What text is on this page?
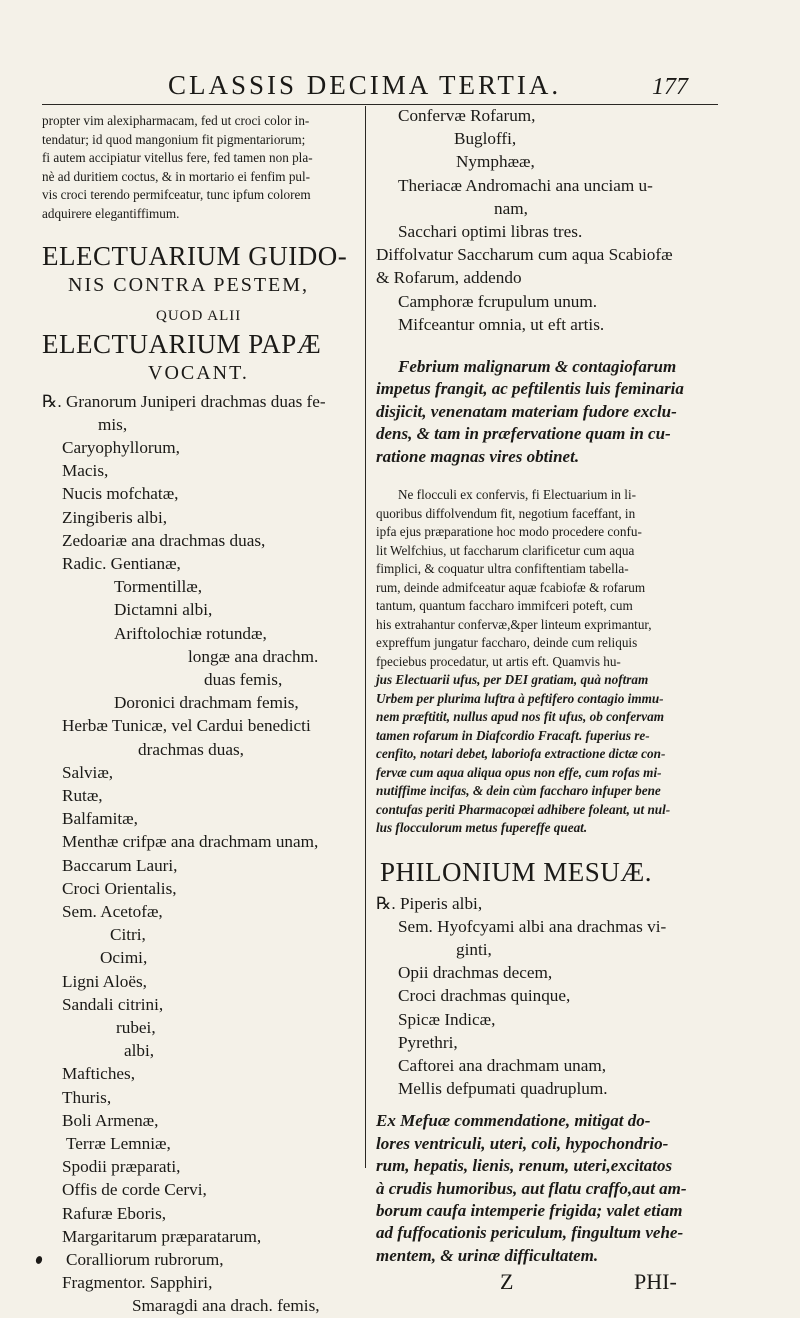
CLASSIS DECIMA TERTIA.	177
propter vim alexipharmacam, fed ut croci color in-
tendatur; id quod mangonium fit pigmentariorum;
fi autem accipiatur vitellus fere, fed tamen non pla-
nè ad duritiem coctus, & in mortario ei fenfim pul-
vis croci terendo permifceatur, tunc ipfum colorem
adquirere elegantiffimum.
ELECTUARIUM GUIDO-
NIS CONTRA PESTEM,
QUOD ALII
ELECTUARIUM PAPÆ
VOCANT.
℞. Granorum Juniperi drachmas duas fe-
mis,
Caryophyllorum,
Macis,
Nucis mofchatæ,
Zingiberis albi,
Zedoariæ ana drachmas duas,
Radic. Gentianæ,
Tormentillæ,
Dictamni albi,
Ariftolochiæ rotundæ,
longæ ana drachm.
duas femis,
Doronici drachmam femis,
Herbæ Tunicæ, vel Cardui benedicti
drachmas duas,
Salviæ,
Rutæ,
Balfamitæ,
Menthæ crifpæ ana drachmam unam,
Baccarum Lauri,
Croci Orientalis,
Sem. Acetofæ,
Citri,
Ocimi,
Ligni Aloës,
Sandali citrini,
rubei,
albi,
Maftiches,
Thuris,
Boli Armenæ,
Terræ Lemniæ,
Spodii præparati,
Offis de corde Cervi,
Rafuræ Eboris,
Margaritarum præparatarum,
Coralliorum rubrorum,
Fragmentor. Sapphiri,
Smaragdi ana drach. femis,
Confervæ Rofarum,
Bugloffi,
Nymphææ,
Theriacæ Andromachi ana unciam u-
nam,
Sacchari optimi libras tres.
Diffolvatur Saccharum cum aqua Scabiofæ
& Rofarum, addendo
Camphoræ fcrupulum unum.
Mifceantur omnia, ut eft artis.
Febrium malignarum & contagiofarum
impetus frangit, ac peftilentis luis feminaria
disjicit, venenatam materiam fudore exclu-
dens, & tam in præfervatione quam in cu-
ratione magnas vires obtinet.
Ne flocculi ex confervis, fi Electuarium in li-
quoribus diffolvendum fit, negotium faceffant, in
ipfa ejus præparatione hoc modo procedere confu-
lit Welfchius, ut faccharum clarificetur cum aqua
fimplici, & coquatur ultra confiftentiam tabella-
rum, deinde admifceatur aquæ fcabiofæ & rofarum
tantum, quantum faccharo immifceri poteft, cum
his extrahantur confervæ,&per linteum exprimantur,
expreffum jungatur faccharo, deinde cum reliquis
fpeciebus procedatur, ut artis eft. Quamvis hu-
jus Electuarii ufus, per DEI gratiam, quà noftram
Urbem per plurima luftra à peftifero contagio immu-
nem præftitit, nullus apud nos fit ufus, ob confervam
tamen rofarum in Diafcordio Fracaft. fuperius re-
cenfito, notari debet, laboriofa extractione dictæ con-
fervæ cum aqua aliqua opus non effe, cum rofas mi-
nutiffime incifas, & dein cùm faccharo infuper bene
contufas periti Pharmacopœi adhibere foleant, ut nul-
lus flocculorum metus fupereffe queat.
PHILONIUM MESUÆ.
℞. Piperis albi,
Sem. Hyofcyami albi ana drachmas vi-
ginti,
Opii drachmas decem,
Croci drachmas quinque,
Spicæ Indicæ,
Pyrethri,
Caftorei ana drachmam unam,
Mellis defpumati quadruplum.
Ex Mefuæ commendatione, mitigat do-
lores ventriculi, uteri, coli, hypochondrio-
rum, hepatis, lienis, renum, uteri,excitatos
à crudis humoribus, aut flatu craffo,aut am-
borum caufa intemperie frigida; valet etiam
ad fuffocationis periculum, fingultum vehe-
mentem, & urinæ difficultatem.
Z	PHI-
